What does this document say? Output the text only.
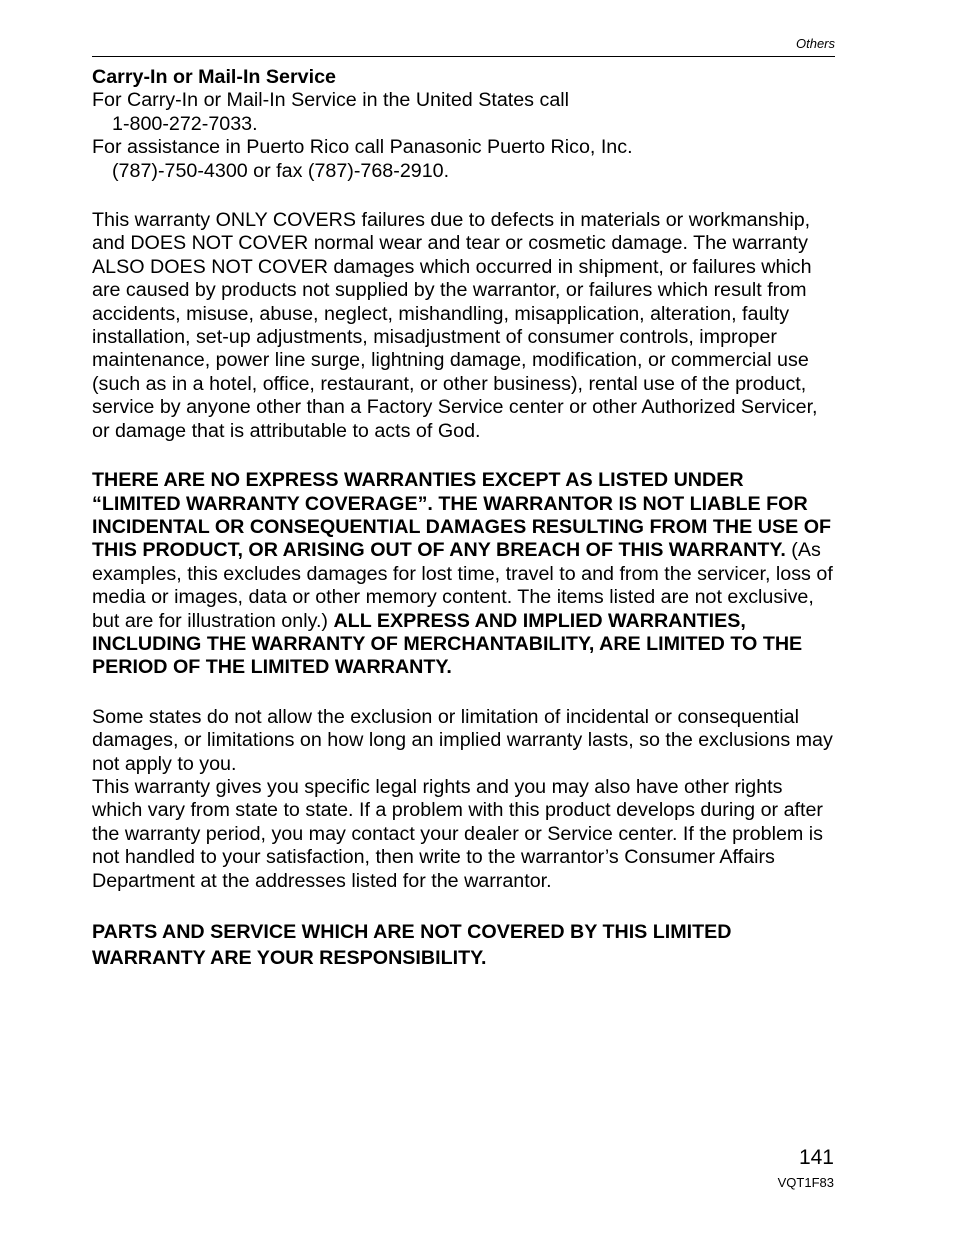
Others

Carry-In or Mail-In Service

For Carry-In or Mail-In Service in the United States call

1-800-272-7033.

For assistance in Puerto Rico call Panasonic Puerto Rico, Inc.

(787)-750-4300 or fax (787)-768-2910.

This warranty ONLY COVERS failures due to defects in materials or workmanship, and DOES NOT COVER normal wear and tear or cosmetic damage. The warranty ALSO DOES NOT COVER damages which occurred in shipment, or failures which are caused by products not supplied by the warrantor, or failures which result from accidents, misuse, abuse, neglect, mishandling, misapplication, alteration, faulty installation, set-up adjustments, misadjustment of consumer controls, improper maintenance, power line surge, lightning damage, modification, or commercial use (such as in a hotel, office, restaurant, or other business), rental use of the product, service by anyone other than a Factory Service center or other Authorized Servicer, or damage that is attributable to acts of God.

THERE ARE NO EXPRESS WARRANTIES EXCEPT AS LISTED UNDER “LIMITED WARRANTY COVERAGE”. THE WARRANTOR IS NOT LIABLE FOR INCIDENTAL OR CONSEQUENTIAL DAMAGES RESULTING FROM THE USE OF THIS PRODUCT, OR ARISING OUT OF ANY BREACH OF THIS WARRANTY. (As examples, this excludes damages for lost time, travel to and from the servicer, loss of media or images, data or other memory content. The items listed are not exclusive, but are for illustration only.) ALL EXPRESS AND IMPLIED WARRANTIES, INCLUDING THE WARRANTY OF MERCHANTABILITY, ARE LIMITED TO THE PERIOD OF THE LIMITED WARRANTY.

Some states do not allow the exclusion or limitation of incidental or consequential damages, or limitations on how long an implied warranty lasts, so the exclusions may not apply to you.

This warranty gives you specific legal rights and you may also have other rights which vary from state to state. If a problem with this product develops during or after the warranty period, you may contact your dealer or Service center. If the problem is not handled to your satisfaction, then write to the warrantor’s Consumer Affairs Department at the addresses listed for the warrantor.

PARTS AND SERVICE WHICH ARE NOT COVERED BY THIS LIMITED WARRANTY ARE YOUR RESPONSIBILITY.

141

VQT1F83
